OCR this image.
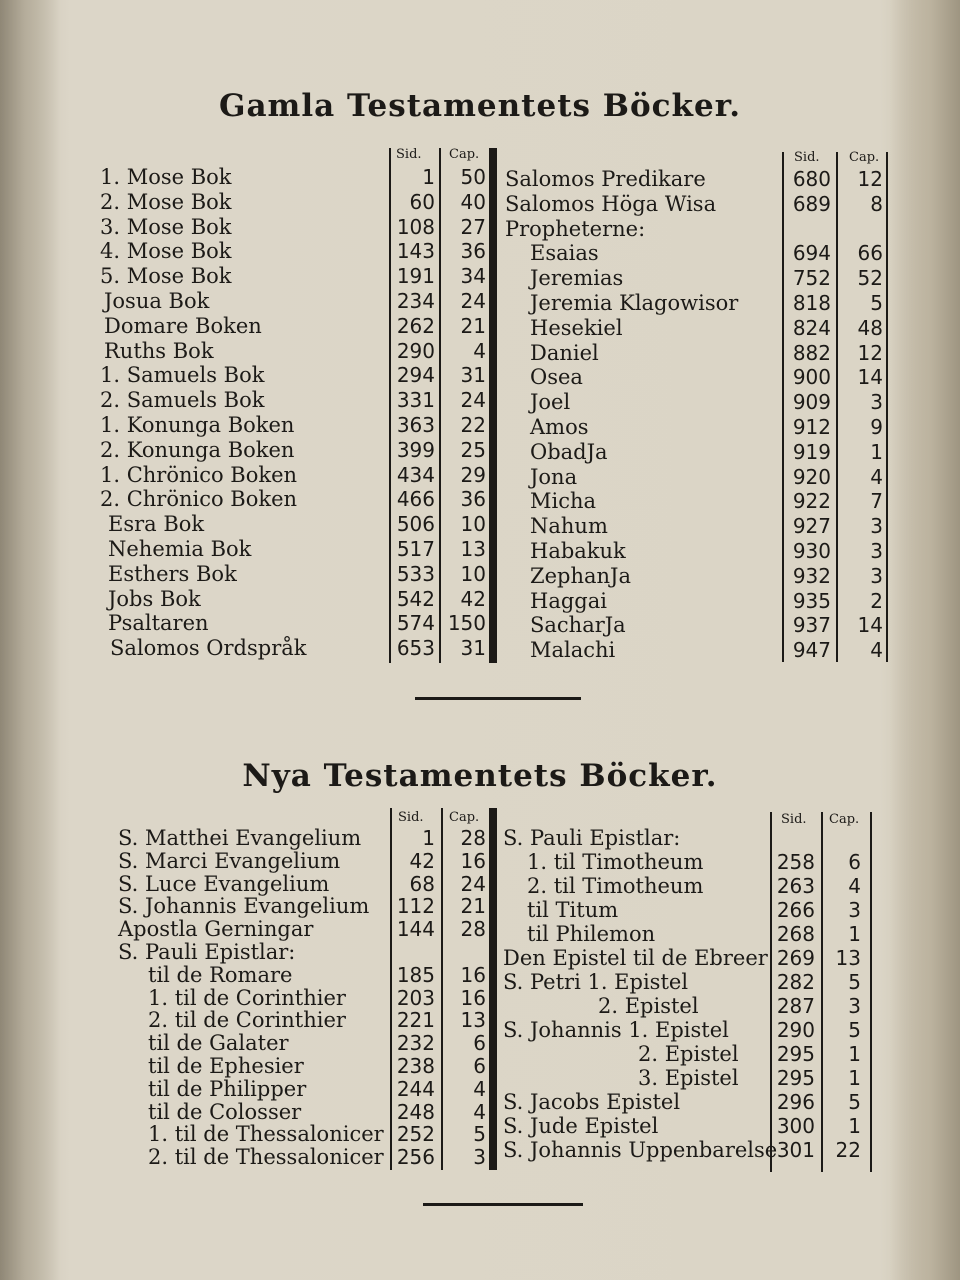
Gamla Testamentets Böcker.
Sid. Cap.
1. Mose Bok	1	50
2. Mose Bok	60	40
3. Mose Bok	108	27
4. Mose Bok	143	36
5. Mose Bok	191	34
Josua Bok	234	24
Domare Boken	262	21
Ruths Bok	290	4
1. Samuels Bok	294	31
2. Samuels Bok	331	24
1. Konunga Boken	363	22
2. Konunga Boken	399	25
1. Chrönico Boken	434	29
2. Chrönico Boken	466	36
Esra Bok	506	10
Nehemia Bok	517	13
Esthers Bok	533	10
Jobs Bok	542	42
Psaltaren	574 150
Salomos Ordspråk	653	31
Sid. Cap.
Salomos Predikare	680	12
Salomos Höga Wisa	689	8
Propheterne:
Esaias	694	66
Jeremias	752	52
Jeremia Klagowisor	818	5
Hesekiel	824	48
Daniel	882	12
Osea	900	14
Joel	909	3
Amos	912	9
ObadJa	919	1
Jona	920	4
Micha	922	7
Nahum	927	3
Habakuk	930	3
ZephanJa	932	3
Haggai	935	2
SacharJa	937	14
Malachi	947	4
Nya Testamentets Böcker.
Sid. Cap.
S. Matthei Evangelium	1	28
S. Marci Evangelium	42	16
S. Luce Evangelium	68	24
S. Johannis Evangelium	112	21
Apostla Gerningar	144	28
S. Pauli Epistlar:
til de Romare	185	16
1. til de Corinthier	203	16
2. til de Corinthier	221	13
til de Galater	232	6
til de Ephesier	238	6
til de Philipper	244	4
til de Colosser	248	4
1. til de Thessalonicer 252	5
2. til de Thessalonicer 256	3
Sid. Cap.
S. Pauli Epistlar:
1. til Timotheum	258	6
2. til Timotheum	263	4
til Titum	266	3
til Philemon	268	1
Den Epistel til de Ebreer 269	13
S. Petri 1. Epistel	282	5
2. Epistel	287	3
S. Johannis 1. Epistel	290	5
2. Epistel	295	1
3. Epistel	295	1
S. Jacobs Epistel	296	5
S. Jude Epistel	300	1
S. Johannis Uppenbarelse 301	22
